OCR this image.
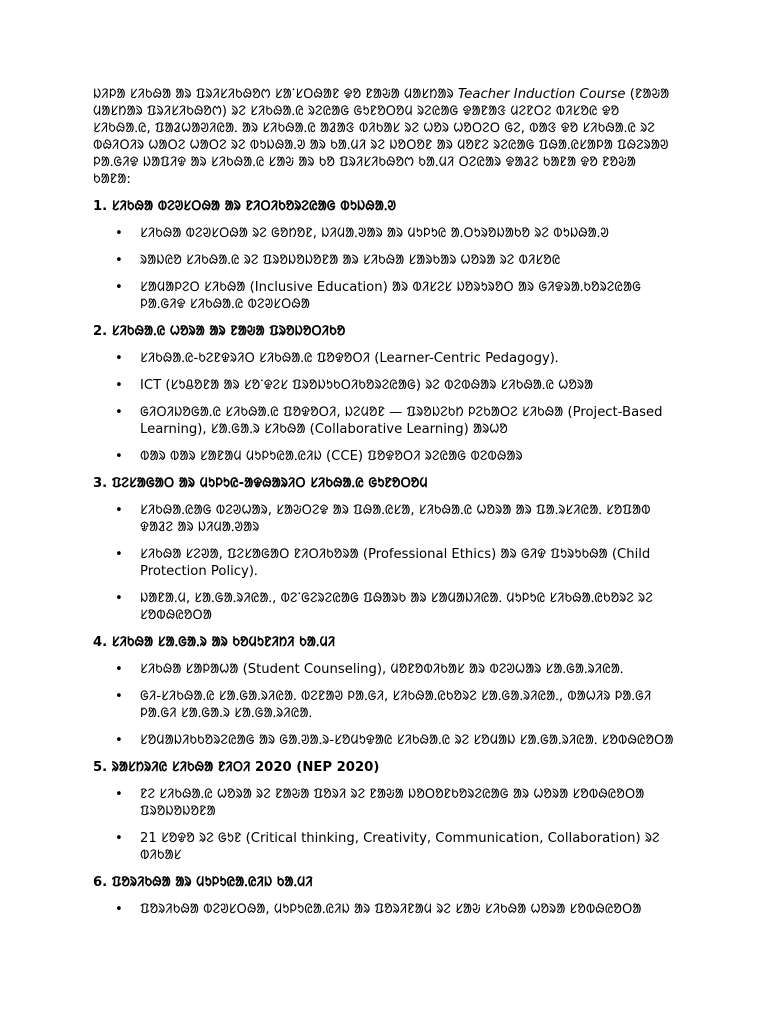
ᱡᱤᱞᱟ ᱥᱤᱠᱷᱟ ᱟᱨ ᱯᱨᱤᱥᱤᱠᱷᱚᱬ ᱥᱟᱸᱥᱛᱷᱟᱱ ᱫᱚ ᱱᱟᱶᱟ ᱢᱟᱥᱴᱟᱨ Teacher Induction Course (ᱱᱟᱶᱟ ᱢᱟᱥᱴᱟᱨ ᱯᱨᱤᱥᱤᱠᱷᱚᱬ) ᱨᱮ ᱥᱤᱠᱷᱟᱹᱭ ᱨᱮᱭᱟᱜ ᱜᱩᱱᱚᱛᱚᱢ ᱨᱮᱭᱟᱜ ᱫᱟᱱᱟᱝ ᱢᱮᱱᱛᱮ ᱵᱤᱥᱚᱭ ᱫᱚ ᱥᱤᱠᱷᱟᱹᱭ, ᱯᱟᱲᱦᱟᱣᱤᱭᱟᱹ ᱟᱨ ᱥᱤᱠᱷᱟᱹᱭ ᱟᱲᱟᱝ ᱵᱤᱠᱟᱥ ᱨᱮ ᱦᱚᱨ ᱦᱚᱛᱮᱛ ᱜᱮ, ᱵᱟᱝ ᱫᱚ ᱥᱤᱠᱷᱟᱹᱭ ᱨᱮ ᱵᱷᱤᱛᱤᱨ ᱦᱟᱛᱮ ᱦᱟᱛᱮ ᱨᱮ ᱵᱩᱡᱷᱟᱹᱣ ᱟᱨ ᱠᱟᱹᱢᱤ ᱨᱮ ᱡᱚᱛᱚᱱ ᱟᱨ ᱢᱚᱱᱮ ᱨᱮᱭᱟᱜ ᱯᱷᱟᱹᱭᱥᱟᱞᱟ ᱯᱷᱮᱨᱟᱣ ᱞᱟᱹᱜᱤᱫ ᱡᱟᱯᱤᱫ ᱟᱨ ᱥᱤᱠᱷᱟᱹᱭ ᱥᱟᱶ ᱟᱨ ᱠᱚ ᱯᱨᱤᱥᱤᱠᱷᱚᱬ ᱠᱟᱹᱢᱤ ᱛᱮᱭᱟᱨ ᱫᱟᱲᱮ ᱠᱟᱱᱟ ᱫᱚ ᱱᱚᱶᱟ ᱠᱟᱱᱟ:

1. ᱥᱤᱠᱷᱟ ᱵᱮᱣᱥᱛᱷᱟ ᱟᱨ ᱱᱤᱛᱤᱠᱚᱨᱮᱭᱟᱜ ᱵᱩᱡᱷᱟᱹᱣ
• ᱥᱤᱠᱷᱟ ᱵᱮᱣᱥᱛᱷᱟ ᱨᱮ ᱜᱚᱴᱚᱱ, ᱡᱤᱢᱟᱹᱣᱟᱨ ᱟᱨ ᱢᱩᱞᱩᱭ ᱟᱹᱛᱩᱨᱚᱡᱟᱠᱚ ᱨᱮ ᱵᱩᱡᱷᱟᱹᱣ
• ᱨᱟᱡᱭᱚ ᱥᱤᱠᱷᱟᱹᱭ ᱨᱮ ᱯᱨᱚᱡᱚᱡᱚᱱᱟ ᱟᱨ ᱥᱤᱠᱷᱟ ᱥᱟᱨᱠᱟᱨ ᱦᱚᱨᱟ ᱨᱮ ᱵᱤᱥᱚᱭ
• ᱥᱟᱢᱟᱞᱮᱛ ᱥᱤᱠᱷᱟ (Inclusive Education) ᱟᱨ ᱵᱤᱥᱮᱥ ᱡᱚᱨᱩᱨᱚᱛ ᱟᱨ ᱜᱤᱫᱨᱟᱹᱠᱚᱨᱮᱭᱟᱜ ᱞᱟᱹᱜᱤᱫ ᱥᱤᱠᱷᱟᱹᱭ ᱵᱮᱣᱥᱛᱷᱟ
2. ᱥᱤᱠᱷᱟᱹᱭ ᱦᱚᱨᱟ ᱟᱨ ᱱᱟᱶᱟ ᱯᱨᱚᱡᱚᱛᱤᱠᱚ
• ᱥᱤᱠᱷᱟᱹᱭ-ᱠᱮᱱᱫᱨᱤᱛ ᱥᱤᱠᱷᱟᱹᱭ ᱯᱚᱫᱚᱛᱤ (Learner-Centric Pedagogy)ᱹ
• ICT (ᱥᱩᱪᱚᱱᱟ ᱟᱨ ᱥᱚᱸᱫᱮᱥ ᱯᱨᱚᱡᱩᱠᱛᱤᱠᱚᱨᱮᱭᱟᱜ) ᱨᱮ ᱵᱮᱵᱷᱟᱨ ᱥᱤᱠᱷᱟᱹᱭ ᱦᱚᱨᱟ
• ᱜᱤᱛᱤᱡᱚᱜᱟᱹᱭ ᱥᱤᱠᱷᱟᱹᱭ ᱯᱚᱫᱚᱛᱤ, ᱡᱮᱢᱚᱱ — ᱯᱨᱚᱡᱮᱠᱴ ᱞᱮᱠᱟᱛᱮ ᱥᱤᱠᱷᱟ (Project-Based Learning), ᱥᱟᱹᱜᱟᱹᱨ ᱥᱤᱠᱷᱟ (Collaborative Learning) ᱟᱨᱦᱚ
• ᱵᱟᱨ ᱵᱟᱨ ᱥᱟᱱᱟᱢ ᱢᱩᱞᱩᱭᱟᱹᱭᱤᱡ (CCE) ᱯᱚᱫᱚᱛᱤ ᱨᱮᱭᱟᱜ ᱵᱮᱵᱷᱟᱨ
3. ᱯᱮᱥᱟᱜᱟᱛ ᱟᱨ ᱢᱩᱞᱩᱭ-ᱟᱫᱷᱟᱨᱤᱛ ᱥᱤᱠᱷᱟᱹᱭ ᱜᱩᱱᱚᱛᱚᱢ
• ᱥᱤᱠᱷᱟᱹᱭᱟᱜ ᱵᱮᱣᱦᱟᱨ, ᱥᱟᱶᱛᱮᱫ ᱟᱨ ᱯᱷᱟᱹᱭᱥᱟ, ᱥᱤᱠᱷᱟᱹᱭ ᱦᱚᱨᱟ ᱟᱨ ᱯᱟᱹᱨᱥᱤᱭᱟᱹ ᱥᱚᱯᱟᱵ ᱫᱟᱲᱮ ᱟᱨ ᱡᱤᱢᱟᱹᱣᱟᱨ
• ᱥᱤᱠᱷᱟ ᱥᱮᱣᱟ, ᱯᱮᱥᱟᱜᱟᱛ ᱱᱤᱛᱤᱠᱚᱨᱟ (Professional Ethics) ᱟᱨ ᱜᱤᱫ ᱯᱩᱨᱩᱠᱷᱟ (Child Protection Policy)ᱹ
• ᱡᱟᱱᱟᱹᱢ, ᱥᱟᱹᱜᱟᱹᱨᱤᱭᱟᱹ, ᱵᱮᱸᱜᱮᱨᱮᱭᱟᱜ ᱯᱷᱟᱨᱠ ᱟᱨ ᱥᱟᱢᱟᱡᱤᱭᱟᱹ ᱢᱩᱞᱩᱭ ᱥᱤᱠᱷᱟᱹᱭᱠᱚᱨᱮ ᱨᱮ ᱥᱚᱵᱷᱭᱚᱛᱟ
4. ᱥᱤᱠᱷᱟ ᱥᱟᱹᱜᱟᱹᱨ ᱟᱨ ᱠᱚᱢᱩᱱᱤᱴᱤ ᱠᱟᱹᱢᱤ
• ᱥᱤᱠᱷᱟ ᱥᱟᱞᱟᱦᱟ (Student Counseling), ᱢᱚᱱᱚᱵᱤᱠᱟᱥ ᱟᱨ ᱵᱮᱣᱦᱟᱨ ᱥᱟᱹᱜᱟᱹᱨᱤᱭᱟᱹ
• ᱜᱤ-ᱥᱤᱠᱷᱟᱹᱭ ᱥᱟᱹᱜᱟᱹᱨᱤᱭᱟᱹ ᱵᱮᱱᱟᱣ ᱞᱟᱹᱜᱤ, ᱥᱤᱠᱷᱟᱹᱭᱠᱚᱨᱮ ᱥᱟᱹᱜᱟᱹᱨᱤᱭᱟᱹ, ᱵᱟᱦᱤᱨ ᱞᱟᱹᱜᱤ ᱞᱟᱹᱜᱤ ᱥᱟᱹᱜᱟᱹᱨ ᱥᱟᱹᱜᱟᱹᱨᱤᱭᱟᱹ
• ᱥᱚᱢᱟᱡᱤᱠᱠᱚᱨᱮᱭᱟᱜ ᱟᱨ ᱜᱟᱹᱣᱟᱹᱨ-ᱥᱚᱢᱩᱫᱟᱭ ᱥᱤᱠᱷᱟᱹᱭ ᱨᱮ ᱥᱚᱢᱟᱡ ᱥᱟᱹᱜᱟᱹᱨᱤᱭᱟᱹ ᱥᱚᱵᱷᱭᱚᱛᱟ
5. ᱨᱟᱥᱴᱨᱤᱭ ᱥᱤᱠᱷᱟ ᱱᱤᱛᱤ 2020 (NEP 2020)
• ᱱᱮ ᱥᱤᱠᱷᱟᱹᱭ ᱦᱚᱨᱟ ᱨᱮ ᱱᱟᱶᱟ ᱯᱚᱨᱤ ᱨᱮ ᱱᱟᱶᱟ ᱡᱚᱛᱚᱱᱠᱚᱨᱮᱭᱟᱜ ᱟᱨ ᱦᱚᱨᱟ ᱥᱚᱵᱷᱭᱚᱛᱟ ᱯᱨᱚᱡᱚᱡᱚᱱᱟ
• 21 ᱥᱚᱫᱚ ᱨᱮ ᱜᱩᱱ (Critical thinking, Creativity, Communication, Collaboration) ᱨᱮ ᱵᱤᱠᱟᱥ
6. ᱯᱚᱨᱤᱠᱷᱟ ᱟᱨ ᱢᱩᱞᱩᱭᱟᱹᱭᱤᱡ ᱠᱟᱹᱢᱤ
• ᱯᱚᱨᱤᱠᱷᱟ ᱵᱮᱣᱥᱛᱷᱟ, ᱢᱩᱞᱩᱭᱟᱹᱭᱤᱡ ᱟᱨ ᱯᱚᱨᱤᱱᱟᱢ ᱨᱮ ᱥᱟᱶ ᱥᱤᱠᱷᱟ ᱦᱚᱨᱟ ᱥᱚᱵᱷᱭᱚᱛᱟ
